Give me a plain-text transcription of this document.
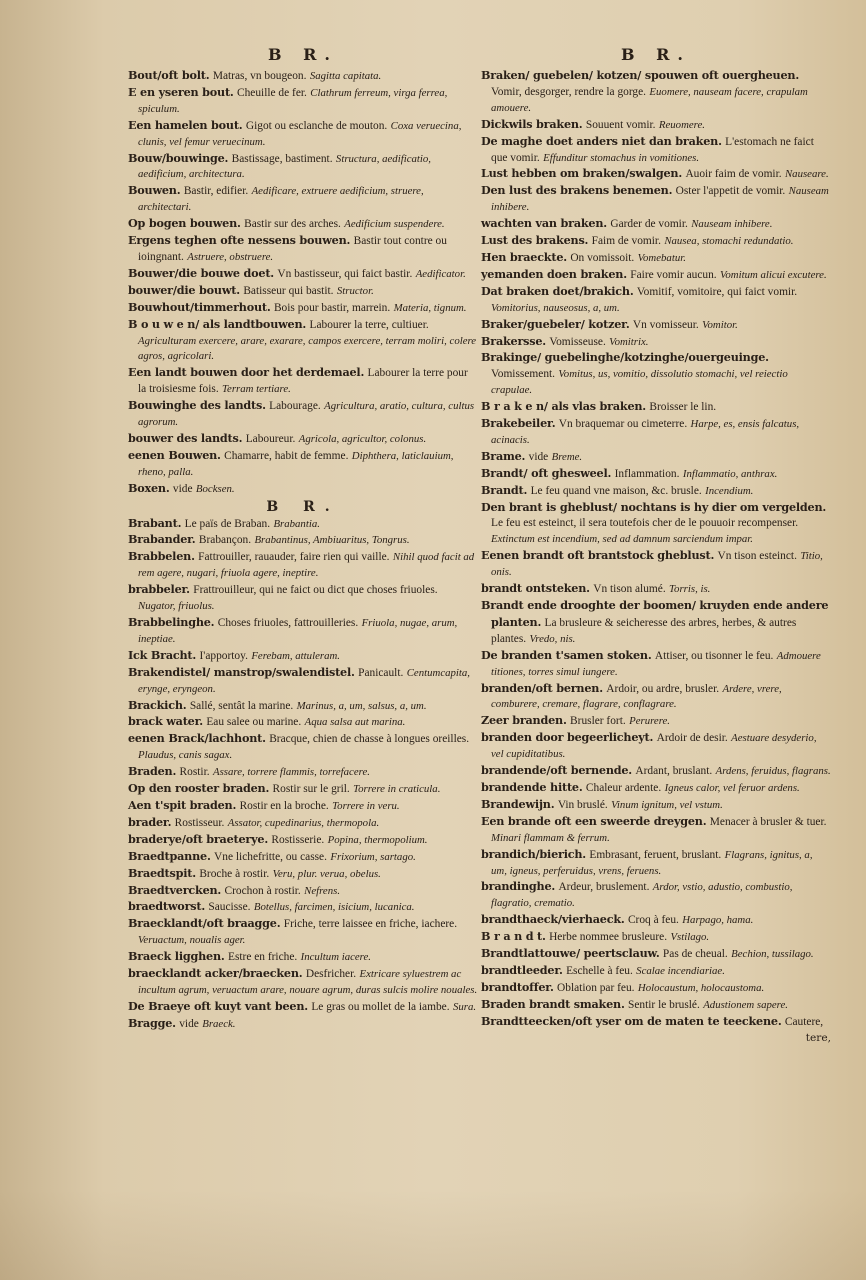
B R.

Bout/oft bolt. Matras, vn bougeon. Sagitta capitata.

E en yseren bout. Cheuille de fer. Clathrum ferreum, virga ferrea, spiculum.

Een hamelen bout. Gigot ou esclanche de mouton. Coxa veruecina, clunis, vel femur veruecinum.

Bouw/bouwinge. Bastissage, bastiment. Structura, aedificatio, aedificium, architectura.

Bouwen. Bastir, edifier. Aedificare, extruere aedificium, struere, architectari.

Op bogen bouwen. Bastir sur des arches. Aedificium suspendere.

Ergens teghen ofte nessens bouwen. Bastir tout contre ou ioingnant. Astruere, obstruere.

Bouwer/die bouwe doet. Vn bastisseur, qui faict bastir. Aedificator.

bouwer/die bouwt. Batisseur qui bastit. Structor.

Bouwhout/timmerhout. Bois pour bastir, marrein. Materia, tignum.

B o u w e n/ als landtbouwen. Labourer la terre, cultiuer. Agriculturam exercere, arare, exarare, campos exercere, terram moliri, colere agros, agricolari.

Een landt bouwen door het derdemael. Labourer la terre pour la troisiesme fois. Terram tertiare.

Bouwinghe des landts. Labourage. Agricultura, aratio, cultura, cultus agrorum.

bouwer des landts. Laboureur. Agricola, agricultor, colonus.

eenen Bouwen. Chamarre, habit de femme. Diphthera, laticlauium, rheno, palla.

Boxen. vide Bocksen.

B R.

Brabant. Le païs de Braban. Brabantia.

Brabander. Brabançon. Brabantinus, Ambiuaritus, Tongrus.

Brabbelen. Fattrouiller, rauauder, faire rien qui vaille. Nihil quod facit ad rem agere, nugari, friuola agere, ineptire.

brabbeler. Frattrouilleur, qui ne faict ou dict que choses friuoles. Nugator, friuolus.

Brabbelinghe. Choses friuoles, fattrouilleries. Friuola, nugae, arum, ineptiae.

Ick Bracht. I'apportoy. Ferebam, attuleram.

Brakendistel/ manstrop/swalendistel. Panicault. Centumcapita, erynge, eryngeon.

Brackich. Sallé, sentât la marine. Marinus, a, um, salsus, a, um.

brack water. Eau salee ou marine. Aqua salsa aut marina.

eenen Brack/lachhont. Bracque, chien de chasse à longues oreilles. Plaudus, canis sagax.

Braden. Rostir. Assare, torrere flammis, torrefacere.

Op den rooster braden. Rostir sur le gril. Torrere in craticula.

Aen t'spit braden. Rostir en la broche. Torrere in veru.

brader. Rostisseur. Assator, cupedinarius, thermopola.

braderye/oft braeterye. Rostisserie. Popina, thermopolium.

Braedtpanne. Vne lichefritte, ou casse. Frixorium, sartago.

Braedtspit. Broche à rostir. Veru, plur. verua, obelus.

Braedtvercken. Crochon à rostir. Nefrens.

braedtworst. Saucisse. Botellus, farcimen, isicium, lucanica.

Braecklandt/oft braagge. Friche, terre laissee en friche, iachere. Veruactum, noualis ager.

Braeck ligghen. Estre en friche. Incultum iacere.

braecklandt acker/braecken. Desfricher. Extricare syluestrem ac incultum agrum, veruactum arare, nouare agrum, duras sulcis molire nouales.

De Braeye oft kuyt vant been. Le gras ou mollet de la iambe. Sura.

Bragge. vide Braeck.

B R.

Braken/ guebelen/ kotzen/ spouwen oft ouergheuen. Vomir, desgorger, rendre la gorge. Euomere, nauseam facere, crapulam amouere.

Dickwils braken. Souuent vomir. Reuomere.

De maghe doet anders niet dan braken. L'estomach ne faict que vomir. Effunditur stomachus in vomitiones.

Lust hebben om braken/swalgen. Auoir faim de vomir. Nauseare.

Den lust des brakens benemen. Oster l'appetit de vomir. Nauseam inhibere.

wachten van braken. Garder de vomir. Nauseam inhibere.

Lust des brakens. Faim de vomir. Nausea, stomachi redundatio.

Hen braeckte. On vomissoit. Vomebatur.

yemanden doen braken. Faire vomir aucun. Vomitum alicui excutere.

Dat braken doet/brakich. Vomitif, vomitoire, qui faict vomir. Vomitorius, nauseosus, a, um.

Braker/guebeler/ kotzer. Vn vomisseur. Vomitor.

Brakersse. Vomisseuse. Vomitrix.

Brakinge/ guebelinghe/kotzinghe/ouergeuinge. Vomissement. Vomitus, us, vomitio, dissolutio stomachi, vel reiectio crapulae.

B r a k e n/ als vlas braken. Broisser le lin.

Brakebeiler. Vn braquemar ou cimeterre. Harpe, es, ensis falcatus, acinacis.

Brame. vide Breme.

Brandt/ oft ghesweel. Inflammation. Inflammatio, anthrax.

Brandt. Le feu quand vne maison, &c. brusle. Incendium.

Den brant is gheblust/ nochtans is hy dier om vergelden. Le feu est esteinct, il sera toutefois cher de le pouuoir recompenser. Extinctum est incendium, sed ad damnum sarciendum impar.

Eenen brandt oft brantstock gheblust. Vn tison esteinct. Titio, onis.

brandt ontsteken. Vn tison alumé. Torris, is.

Brandt ende drooghte der boomen/ kruyden ende andere planten. La brusleure & seicheresse des arbres, herbes, & autres plantes. Vredo, nis.

De branden t'samen stoken. Attiser, ou tisonner le feu. Admouere titiones, torres simul iungere.

branden/oft bernen. Ardoir, ou ardre, brusler. Ardere, vrere, comburere, cremare, flagrare, conflagrare.

Zeer branden. Brusler fort. Perurere.

branden door begeerlicheyt. Ardoir de desir. Aestuare desyderio, vel cupiditatibus.

brandende/oft bernende. Ardant, bruslant. Ardens, feruidus, flagrans.

brandende hitte. Chaleur ardente. Igneus calor, vel feruor ardens.

Brandewijn. Vin bruslé. Vinum ignitum, vel vstum.

Een brande oft een sweerde dreygen. Menacer à brusler & tuer. Minari flammam & ferrum.

brandich/bierich. Embrasant, feruent, bruslant. Flagrans, ignitus, a, um, igneus, perferuidus, vrens, feruens.

brandinghe. Ardeur, bruslement. Ardor, vstio, adustio, combustio, flagratio, crematio.

brandthaeck/vierhaeck. Croq à feu. Harpago, hama.

B r a n d t. Herbe nommee brusleure. Vstilago.

Brandtlattouwe/ peertsclauw. Pas de cheual. Bechion, tussilago.

brandtleeder. Eschelle à feu. Scalae incendiariae.

brandtoffer. Oblation par feu. Holocaustum, holocaustoma.

Braden brandt smaken. Sentir le bruslé. Adustionem sapere.

Brandtteecken/oft yser om de maten te teeckene. Cautere,

tere,
